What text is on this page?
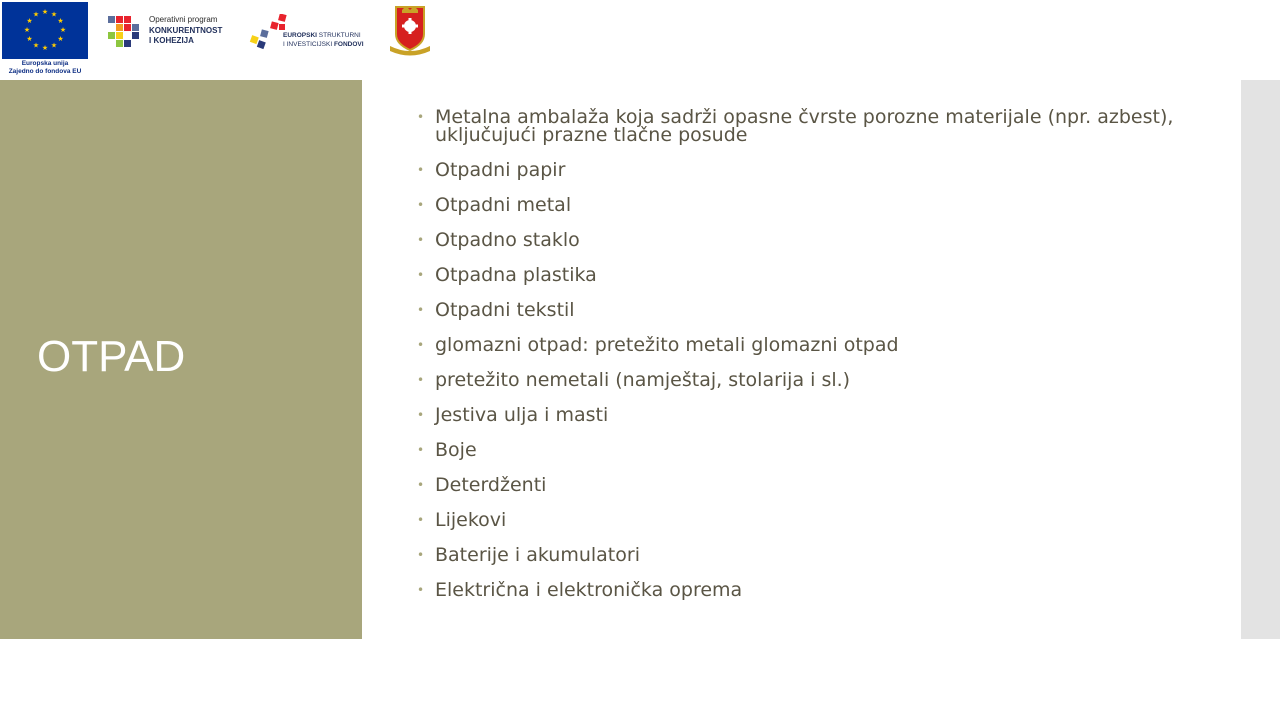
★ ★
★
★
★
★
★
★
★
★
★
★
Europska unija
Zajedno do fondova EU
Operativni program
KONKURENTNOST
I KOHEZIJA
EUROPSKI STRUKTURNI
I INVESTICIJSKI FONDOVI
OTPAD
• Metalna ambalaža koja sadrži opasne čvrste porozne materijale (npr. azbest), uključujući prazne tlačne posude
• Otpadni papir
• Otpadni metal
• Otpadno staklo
• Otpadna plastika
• Otpadni tekstil
• glomazni otpad: pretežito metali glomazni otpad
• pretežito nemetali (namještaj, stolarija i sl.)
• Jestiva ulja i masti
• Boje
• Deterdženti
• Lijekovi
• Baterije i akumulatori
• Električna i elektronička oprema
